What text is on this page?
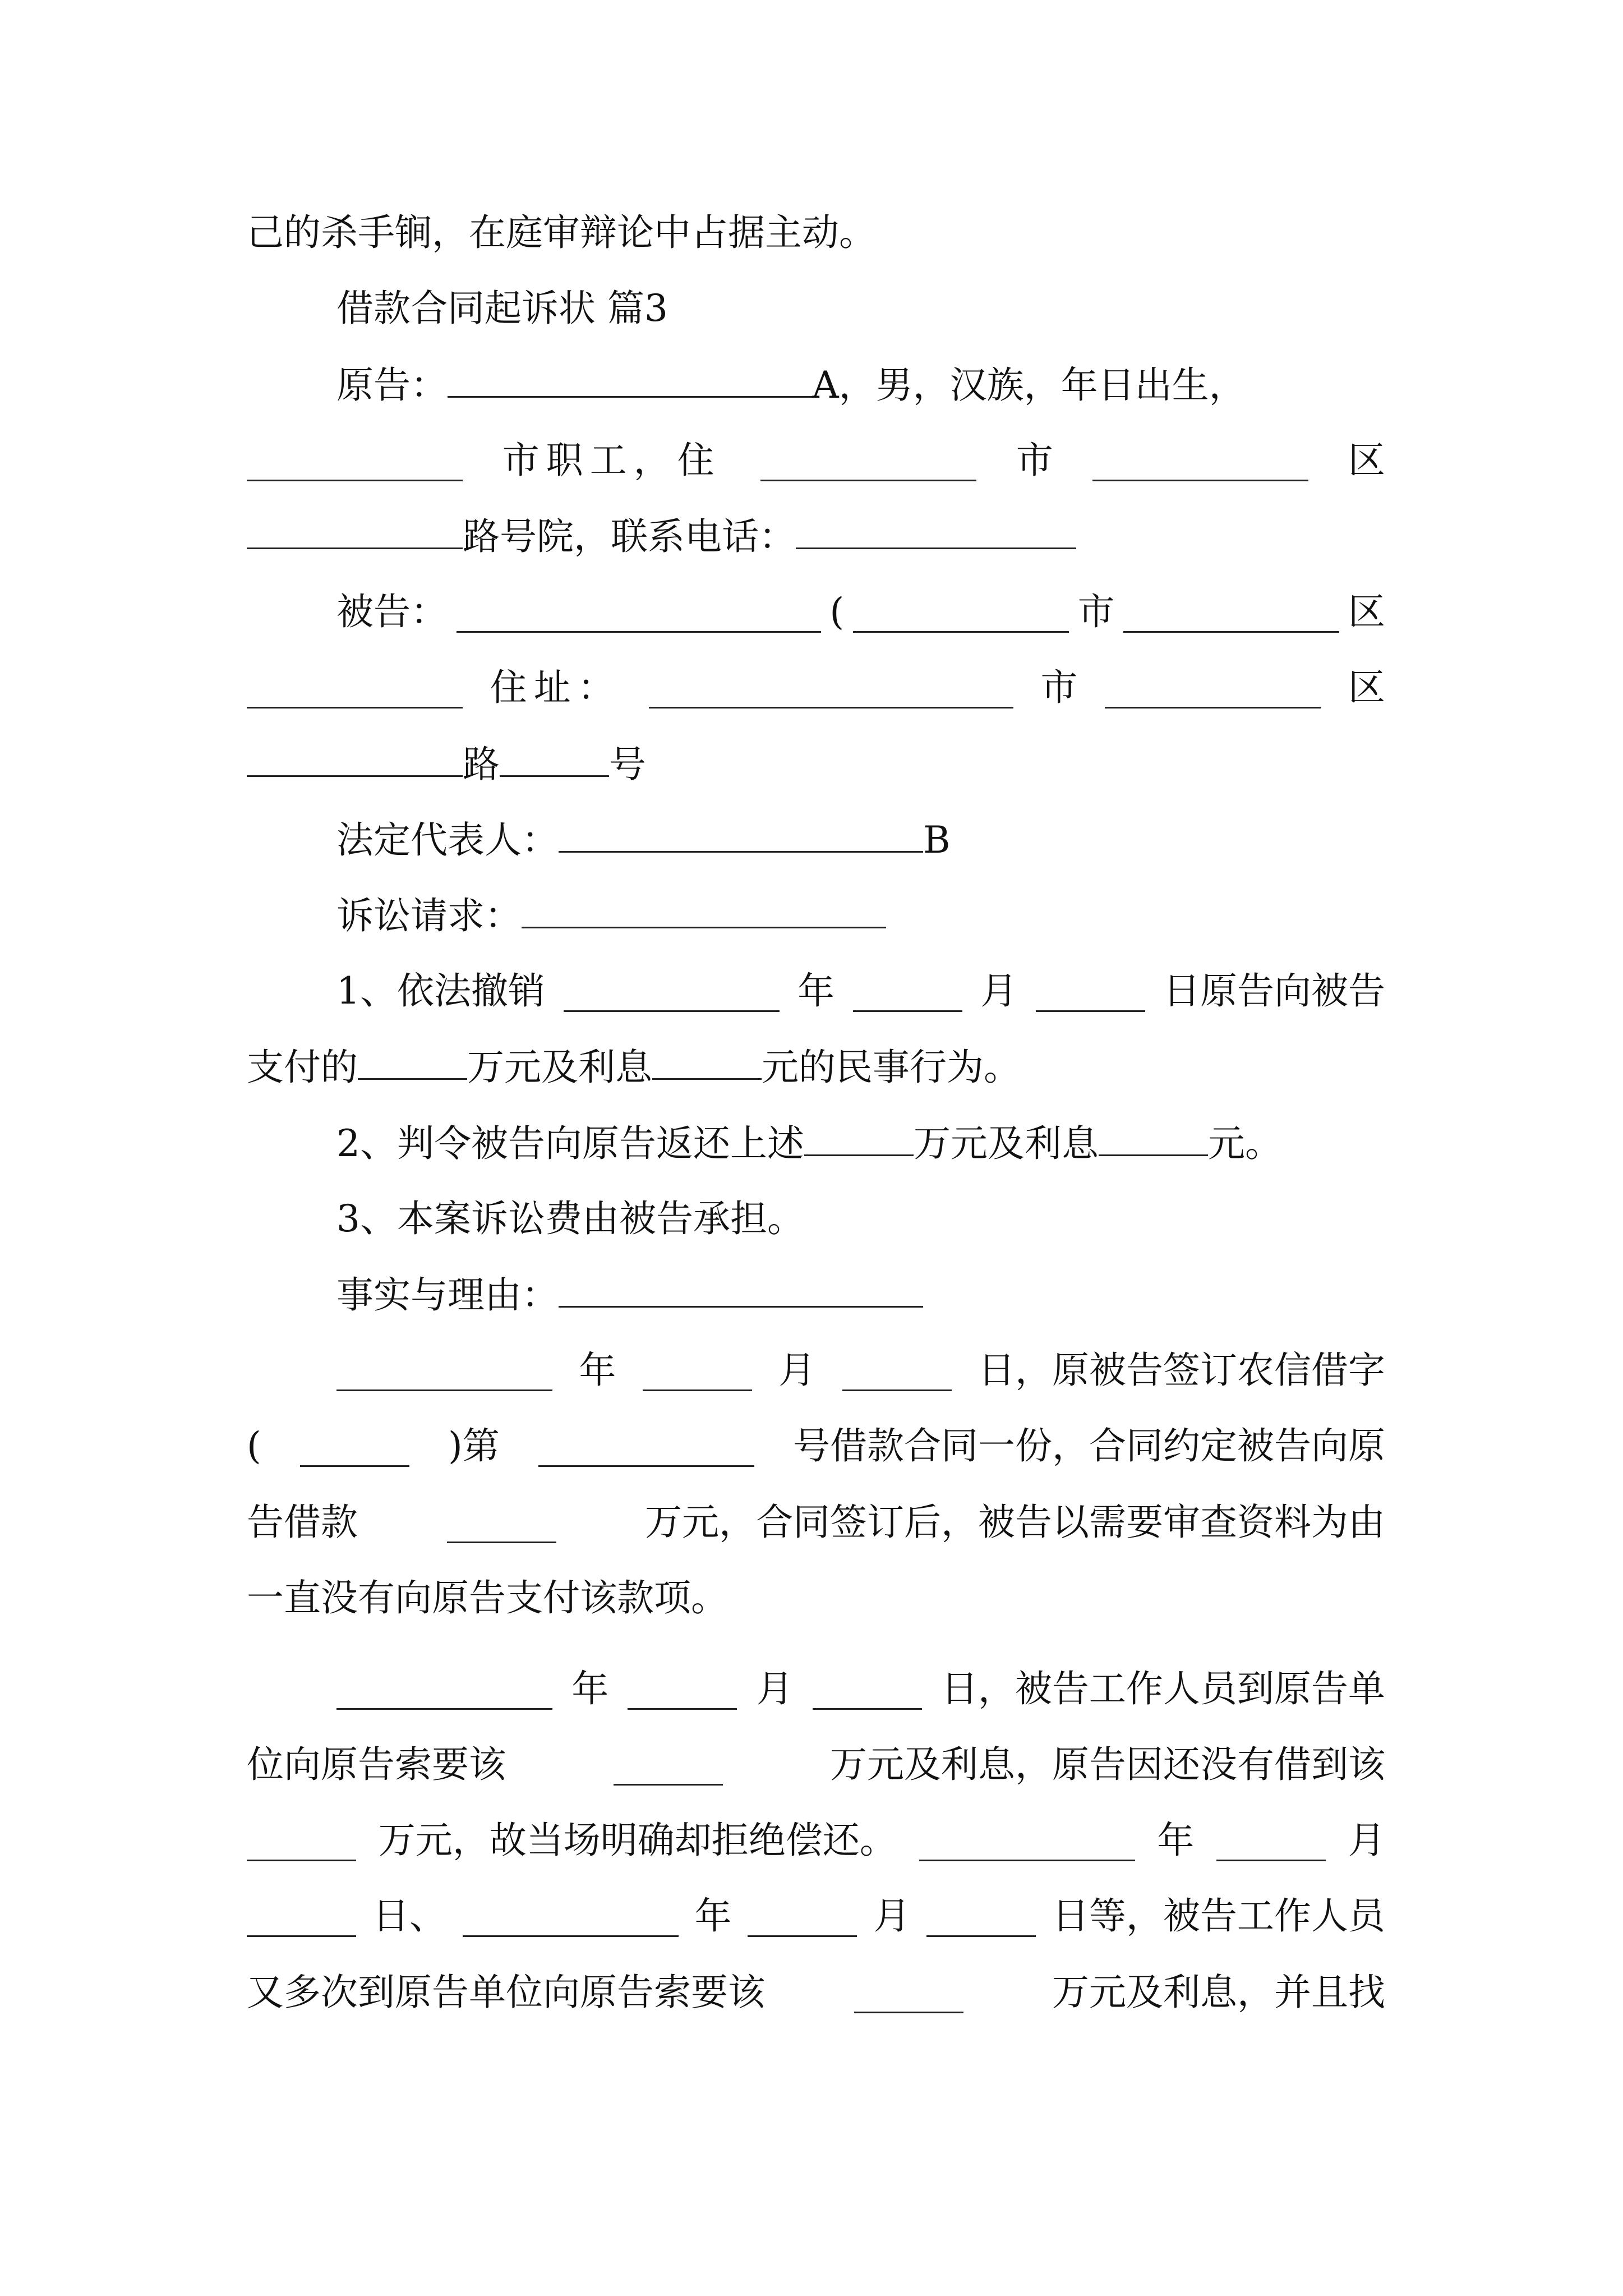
己的杀手锏，在庭审辩论中占据主动。
借款合同起诉状 篇3
原告：	A，男，汉族，年日出生，
市职工，住	市	区
路号院，联系电话：
被告：	(	市	区
住址：	市	区
路	号
法定代表人：	B
诉讼请求：
1、依法撤销	年	月	日原告向被告
支付的	万元及利息	元的民事行为。
2、判令被告向原告返还上述	万元及利息	元。
3、本案诉讼费由被告承担。
事实与理由：
年	月	日，原被告签订农信借字
(	)第	号借款合同一份，合同约定被告向原
告借款	万元，合同签订后，被告以需要审查资料为由
一直没有向原告支付该款项。
年	月	日，被告工作人员到原告单
位向原告索要该	万元及利息，原告因还没有借到该
万元，故当场明确却拒绝偿还。	年	月
日、	年	月	日等，被告工作人员
又多次到原告单位向原告索要该	万元及利息，并且找
